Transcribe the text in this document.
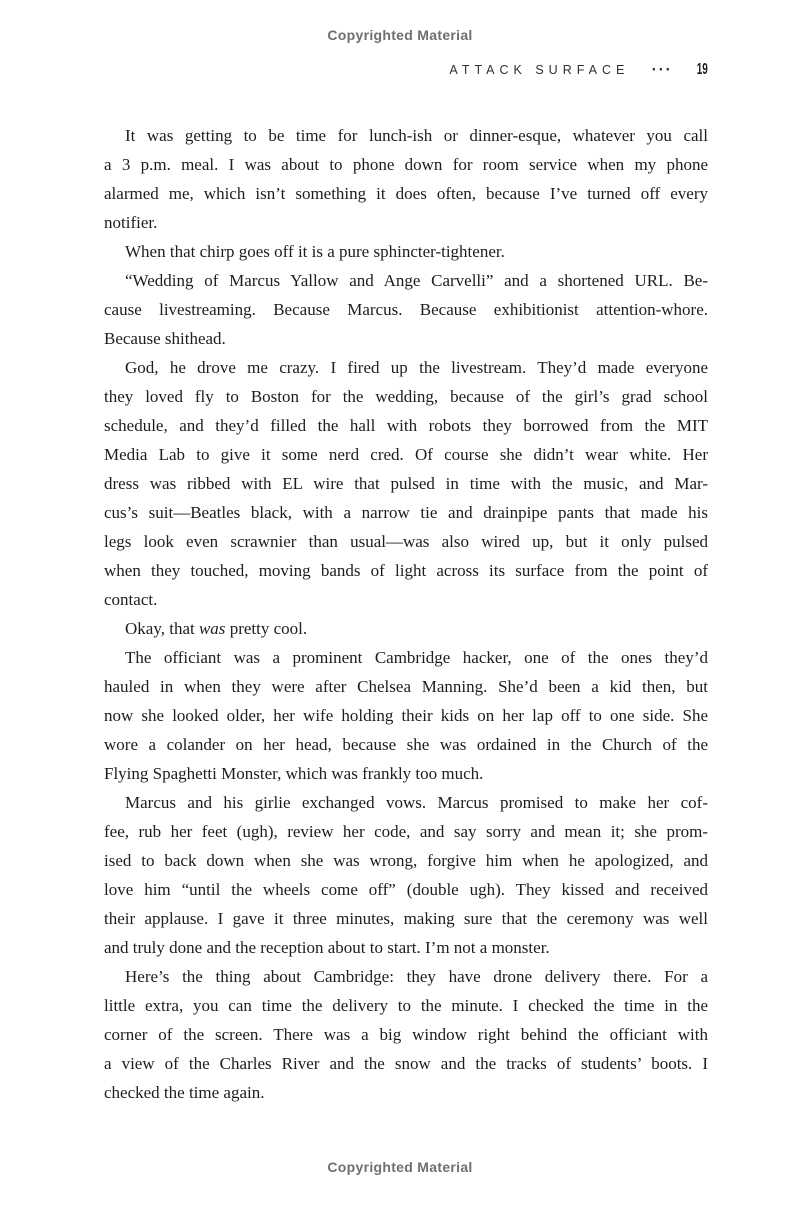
Copyrighted Material
ATTACK SURFACE ··· 19

It was getting to be time for lunch-ish or dinner-esque, whatever you call
a 3 p.m. meal. I was about to phone down for room service when my phone
alarmed me, which isn’t something it does often, because I’ve turned off every
notifier.

When that chirp goes off it is a pure sphincter-tightener.

“Wedding of Marcus Yallow and Ange Carvelli” and a shortened URL. Be-
cause livestreaming. Because Marcus. Because exhibitionist attention-whore.
Because shithead.

God, he drove me crazy. I fired up the livestream. They’d made everyone
they loved fly to Boston for the wedding, because of the girl’s grad school
schedule, and they’d filled the hall with robots they borrowed from the MIT
Media Lab to give it some nerd cred. Of course she didn’t wear white. Her
dress was ribbed with EL wire that pulsed in time with the music, and Mar-
cus’s suit—Beatles black, with a narrow tie and drainpipe pants that made his
legs look even scrawnier than usual—was also wired up, but it only pulsed
when they touched, moving bands of light across its surface from the point of
contact.

Okay, that was pretty cool.

The officiant was a prominent Cambridge hacker, one of the ones they’d
hauled in when they were after Chelsea Manning. She’d been a kid then, but
now she looked older, her wife holding their kids on her lap off to one side. She
wore a colander on her head, because she was ordained in the Church of the
Flying Spaghetti Monster, which was frankly too much.

Marcus and his girlie exchanged vows. Marcus promised to make her cof-
fee, rub her feet (ugh), review her code, and say sorry and mean it; she prom-
ised to back down when she was wrong, forgive him when he apologized, and
love him “until the wheels come off” (double ugh). They kissed and received
their applause. I gave it three minutes, making sure that the ceremony was well
and truly done and the reception about to start. I’m not a monster.

Here’s the thing about Cambridge: they have drone delivery there. For a
little extra, you can time the delivery to the minute. I checked the time in the
corner of the screen. There was a big window right behind the officiant with
a view of the Charles River and the snow and the tracks of students’ boots. I
checked the time again.

Copyrighted Material
